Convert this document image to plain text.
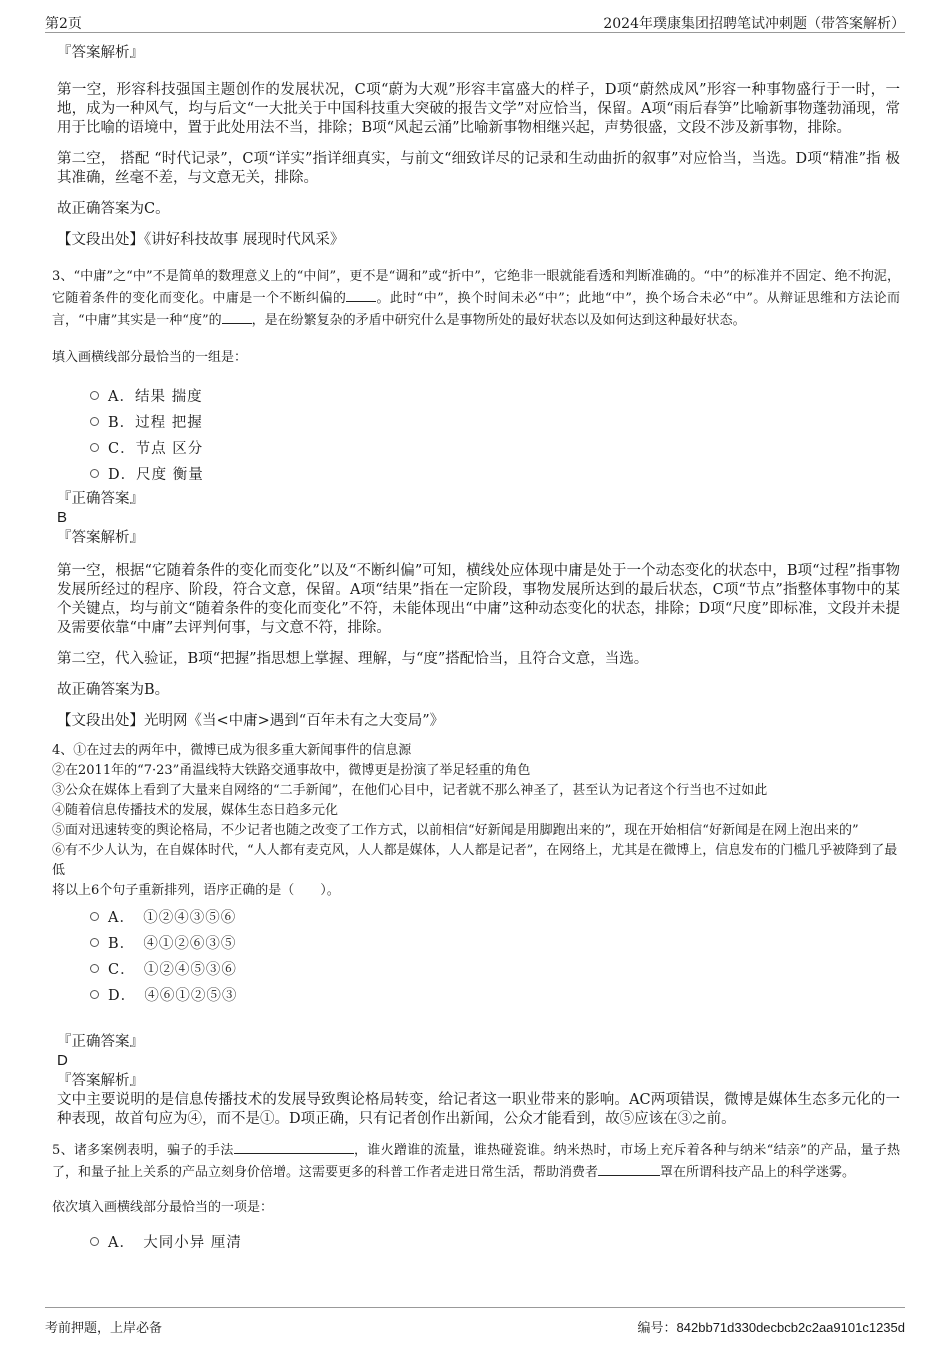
第2页	2024年璞康集团招聘笔试冲刺题（带答案解析）

『答案解析』

第一空，形容科技强国主题创作的发展状况，C项“蔚为大观”形容丰富盛大的样子，D项“蔚然成风”形容一种事物盛行于一时，一地，成为一种风气，均与后文“一大批关于中国科技重大突破的报告文学”对应恰当，保留。A项“雨后春笋”比喻新事物蓬勃涌现，常用于比喻的语境中，置于此处用法不当，排除；B项“风起云涌”比喻新事物相继兴起，声势很盛，文段不涉及新事物，排除。

第二空， 搭配 “时代记录”，C项“详实”指详细真实，与前文“细致详尽的记录和生动曲折的叙事”对应恰当，当选。D项“精准”指 极其准确，丝毫不差，与文意无关，排除。

故正确答案为C。

【文段出处】《讲好科技故事 展现时代风采》

3、“中庸”之“中”不是简单的数理意义上的“中间”，更不是“调和”或“折中”，它绝非一眼就能看透和判断准确的。“中”的标准并不固定、绝不拘泥，它随着条件的变化而变化。中庸是一个不断纠偏的 。此时“中”，换个时间未必“中”；此地“中”，换个场合未必“中”。从辩证思维和方法论而言，“中庸”其实是一种“度”的 ，是在纷繁复杂的矛盾中研究什么是事物所处的最好状态以及如何达到这种最好状态。

填入画横线部分最恰当的一组是：

A．结果 揣度
B．过程 把握
C．节点 区分
D．尺度 衡量

『正确答案』

B

『答案解析』

第一空，根据“它随着条件的变化而变化”以及“不断纠偏”可知，横线处应体现中庸是处于一个动态变化的状态中，B项“过程”指事物发展所经过的程序、阶段，符合文意，保留。A项“结果”指在一定阶段，事物发展所达到的最后状态，C项“节点”指整体事物中的某个关键点，均与前文“随着条件的变化而变化”不符，未能体现出“中庸”这种动态变化的状态，排除；D项“尺度”即标准，文段并未提及需要依靠“中庸”去评判何事，与文意不符，排除。

第二空，代入验证，B项“把握”指思想上掌握、理解，与“度”搭配恰当，且符合文意，当选。

故正确答案为B。

【文段出处】光明网《当<中庸>遇到“百年未有之大变局”》

4、①在过去的两年中，微博已成为很多重大新闻事件的信息源

②在2011年的“7·23”甬温线特大铁路交通事故中，微博更是扮演了举足轻重的角色

③公众在媒体上看到了大量来自网络的“二手新闻”，在他们心目中，记者就不那么神圣了，甚至认为记者这个行当也不过如此

④随着信息传播技术的发展，媒体生态日趋多元化

⑤面对迅速转变的舆论格局，不少记者也随之改变了工作方式，以前相信“好新闻是用脚跑出来的”，现在开始相信“好新闻是在网上泡出来的”

⑥有不少人认为，在自媒体时代，“人人都有麦克风，人人都是媒体，人人都是记者”，在网络上，尤其是在微博上，信息发布的门槛几乎被降到了最低

将以上6个句子重新排列，语序正确的是（　　）。

A．　①②④③⑤⑥
B．　④①②⑥③⑤
C．　①②④⑤③⑥
D．　④⑥①②⑤③

『正确答案』

D

『答案解析』

文中主要说明的是信息传播技术的发展导致舆论格局转变，给记者这一职业带来的影响。AC两项错误，微博是媒体生态多元化的一种表现，故首句应为④，而不是①。D项正确，只有记者创作出新闻，公众才能看到，故⑤应该在③之前。

5、诸多案例表明，骗子的手法	，谁火蹭谁的流量，谁热碰瓷谁。纳米热时，市场上充斥着各种与纳米“结亲”的产品，量子热了，和量子扯上关系的产品立刻身价倍增。这需要更多的科普工作者走进日常生活，帮助消费者	罩在所谓科技产品上的科学迷雾。

依次填入画横线部分最恰当的一项是：

A．　大同小异 厘清
考前押题，上岸必备	编号：842bb71d330decbcb2c2aa9101c1235d
